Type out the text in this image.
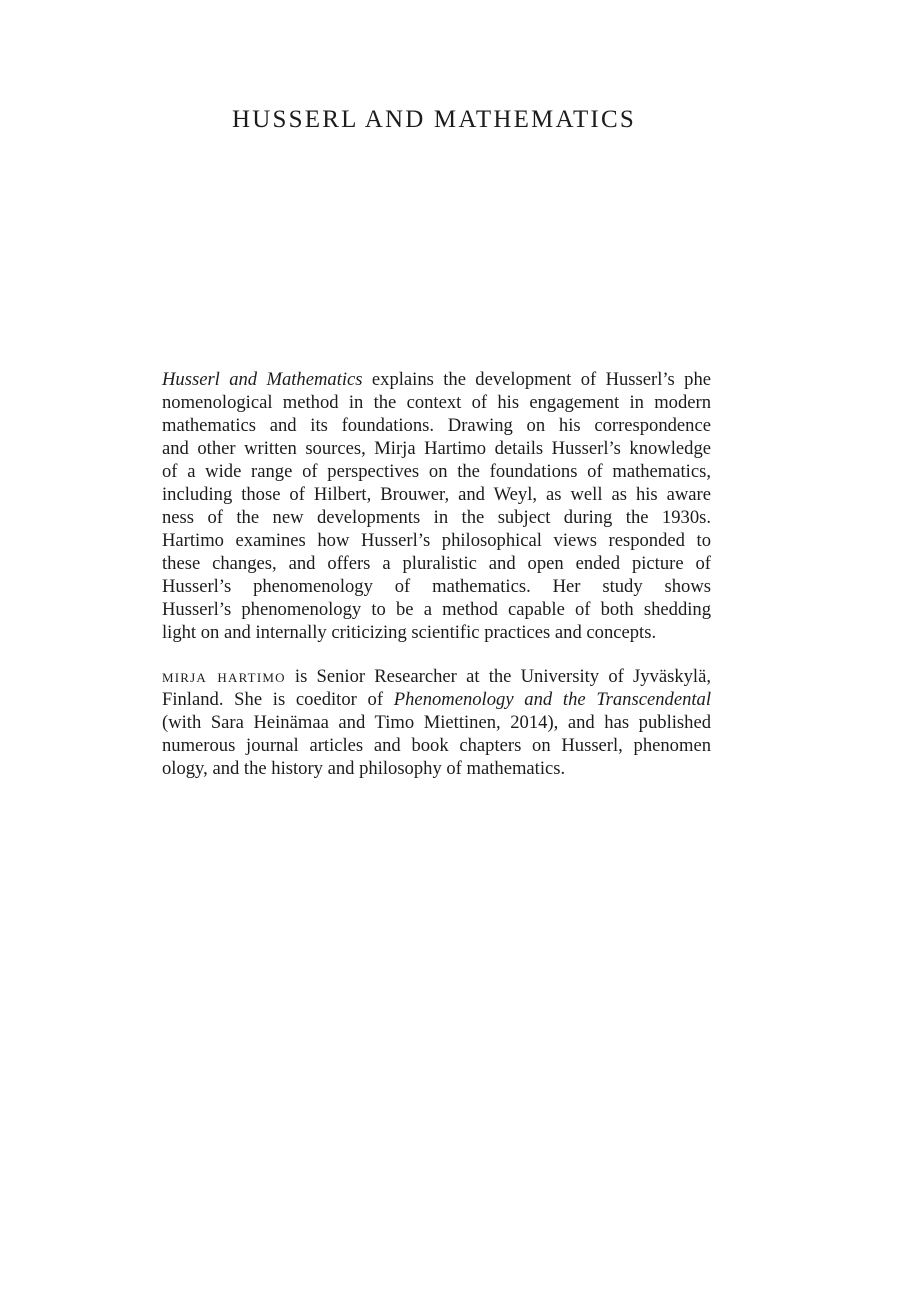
HUSSERL AND MATHEMATICS
Husserl and Mathematics explains the development of Husserl’s phe
nomenological method in the context of his engagement in modern
mathematics and its foundations. Drawing on his correspondence
and other written sources, Mirja Hartimo details Husserl’s knowledge
of a wide range of perspectives on the foundations of mathematics,
including those of Hilbert, Brouwer, and Weyl, as well as his aware
ness of the new developments in the subject during the 1930s.
Hartimo examines how Husserl’s philosophical views responded to
these changes, and offers a pluralistic and open ended picture of
Husserl’s phenomenology of mathematics. Her study shows
Husserl’s phenomenology to be a method capable of both shedding
light on and internally criticizing scientific practices and concepts.
mirja hartimo is Senior Researcher at the University of Jyväskylä,
Finland. She is coeditor of Phenomenology and the Transcendental
(with Sara Heinämaa and Timo Miettinen, 2014), and has published
numerous journal articles and book chapters on Husserl, phenomen
ology, and the history and philosophy of mathematics.
